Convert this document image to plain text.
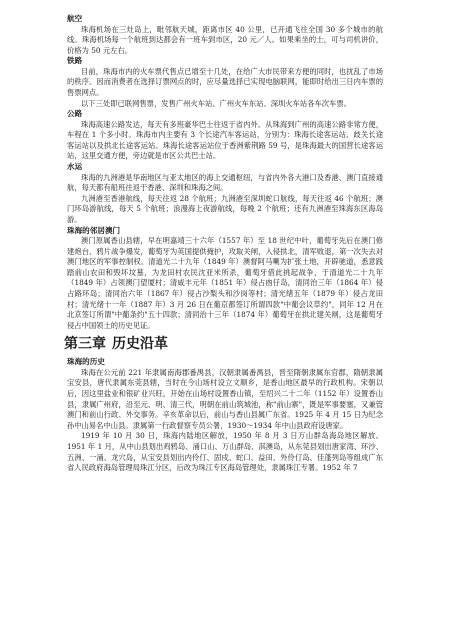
航空

珠海机场在三灶岛上，毗邻航天城，距离市区 40 公里，已开通飞往全国 30 多个城市的航线。珠海机场每一个航班到达都会有一班车到市区，20 元／人。如果乘坐的士，可与司机讲价，价格为 50 元左右。

铁路

目前，珠海市内的火车票代售点已增至十几处，在给广大市民带来方便的同时，也扰乱了市场的秩序。因而消费者在选择订票网点的时，应尽量选择已实现电脑联网，能即时给出三日内车票的售票网点。

以下三处即已联网售票，发售广州火车站、广州火车东站、深圳火车站各车次车票。

公路

珠海高速公路发达，每天有多班豪华巴士往返于省内外。从珠海到广州的高速公路非常方便，车程在 1 个多小时。珠海市内主要有 3 个长途汽车客运站，分别为：珠海长途客运站、歧关长途客运站以及拱北长途客运站。珠海长途客运站位于香洲紫荆路 59 号，是珠海最大的国营长途客运站，这里交通方便，旁边就是市区公共巴士站。

水运

珠海的九洲港是华南地区与亚太地区的海上交通枢纽，与省内外各大港口及香港、澳门直接通航，每天都有船班往返于香港、深圳和珠海之间。

九洲港至香港航线，每天往返 28 个航班；九洲港至深圳蛇口航线，每天往返 46 个航班；澳门环岛游航线，每天 5 个航班；浪漫海上夜游航线，每晚 2 个航班；还有九洲港至珠海东区海岛游。

珠海的邻居澳门

澳门原属香山县辖，早在明嘉靖三十六年（1557 年）至 18 世纪中叶，葡萄牙先后在澳门修建炮台、鸦片战争爆发，葡萄牙为英国提供掩护，攻取关闸，入侵拱北，清军败退，第一次失去对澳门地区的军事控制权。清道光二十九年（1849 年）澳督阿马喇为扩张土地，开辟驰道，悉意践踏前山农田和毁坏坟墓，为龙田村农民沈亚米所杀，葡萄牙借此挑起战争，于清道光二十九年（1849 年）占领澳门望厦村；清咸丰元年（1851 年）侵占凼仔岛，清同治三年（1864 年）侵占路环岛；清同治六年（1867 年）侵占沙梨头和沙岗等村；清光绪五年（1879 年）侵占龙田村；清光绪十一年（1887 年）3 月 26 日在葡京都签订所谓四款"中葡会议草约"，同年 12 月在北京签订所谓"中葡条约"五十四款；清同治十三年（1874 年）葡萄牙在拱北建关闸，这是葡萄牙侵占中国领土的历史见证。

第三章 历史沿革
珠海的历史

珠海在公元前 221 年隶属南海郡番禺县，汉朝隶属番禺县，晋至隋朝隶属东官郡，隋朝隶属宝安县，唐代隶属东莞县辖，当时在今山场村设立文顺乡，是香山地区最早的行政机构。宋朝以后，因这里盐业和银矿业兴旺，开始在山场村设置香山镇，至绍兴二十二年（1152 年）设置香山县，隶属广州府，沿至元、明、清三代，明朝在前山筑城池，称"前山寨"，既是军事要塞，又兼管澳门和前山行政、外交事务。辛亥革命以后，前山与香山县属广东省。1925 年 4 月 15 日为纪念孙中山易名中山县。隶属第一行政督察专员公署，1930～1934 年中山县政府设唐家。

1919 年 10 月 30 日，珠海内陆地区解放，1950 年 8 月 3 日万山群岛海岛地区解放。1951 年 1 月，从中山县划出鸡鸦岛、涌口山、万山群岛、淇澳岛，从东莞县划出唐家湾、环沙、五洲、一涌、龙穴岛，从宝安县划出内伶仃、固戍、蛇口、益田、外伶仃岛、佳蓬列岛等组成广东省人民政府海岛管理局珠江分区，后改为珠江专区海岛管理处，隶属珠江专署。1952 年 7
